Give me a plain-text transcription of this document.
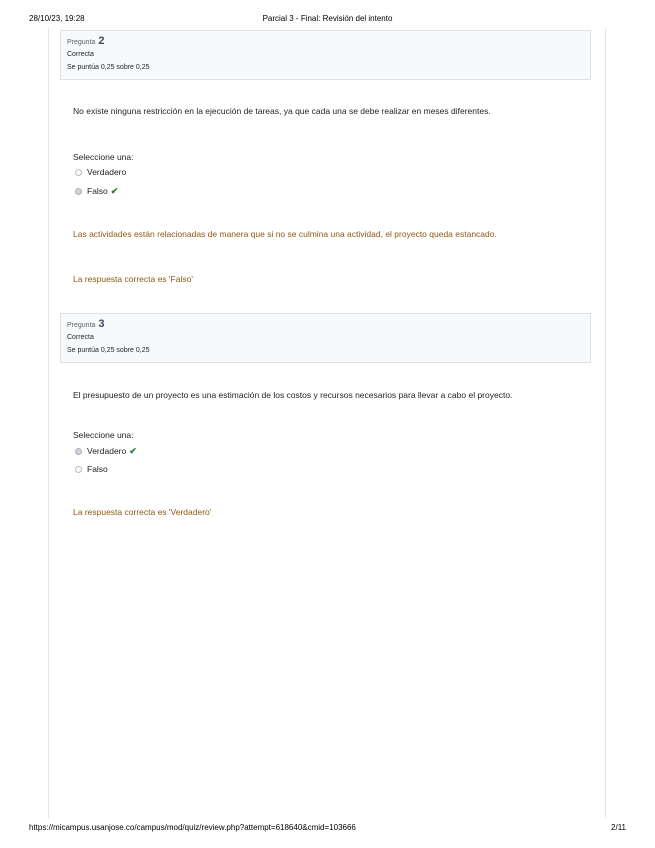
28/10/23, 19:28	Parcial 3 - Final: Revisión del intento
Pregunta 2
Correcta
Se puntúa 0,25 sobre 0,25
No existe ninguna restricción en la ejecución de tareas, ya que cada una se debe realizar en meses diferentes.
Seleccione una:
Verdadero
Falso ✔
Las actividades están relacionadas de manera que si no se culmina una actividad, el proyecto queda estancado.
La respuesta correcta es 'Falso'
Pregunta 3
Correcta
Se puntúa 0,25 sobre 0,25
El presupuesto de un proyecto es una estimación de los costos y recursos necesarios para llevar a cabo el proyecto.
Seleccione una:
Verdadero ✔
Falso
La respuesta correcta es 'Verdadero'
https://micampus.usanjose.co/campus/mod/quiz/review.php?attempt=618640&cmid=103666	2/11
